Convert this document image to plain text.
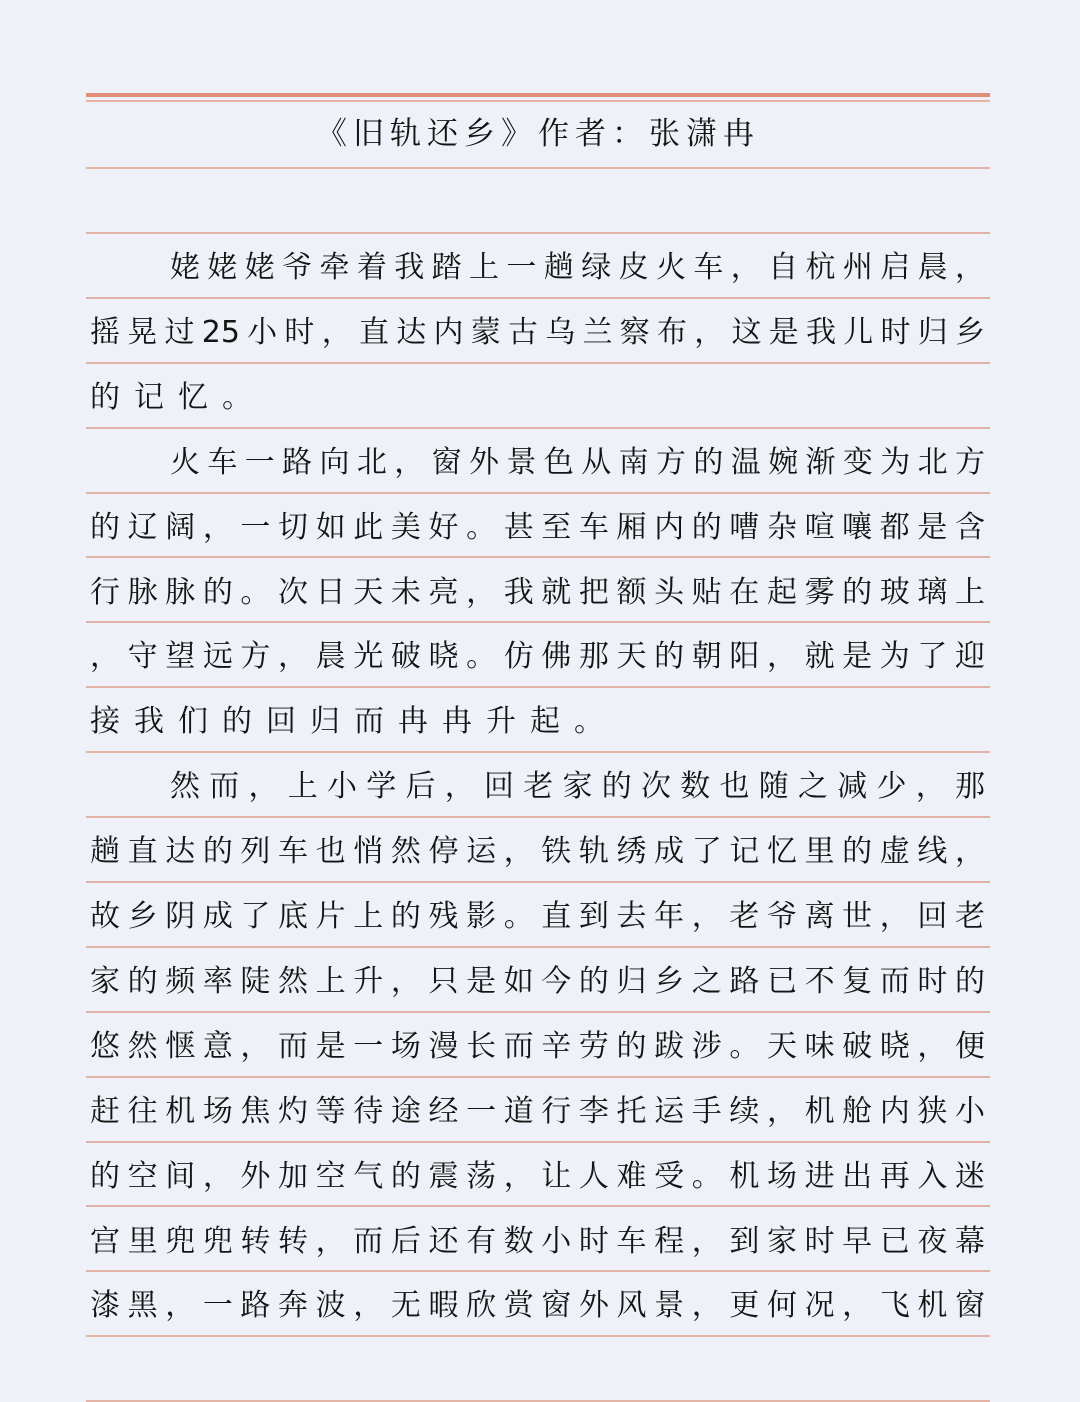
《旧轨还乡》作者：张潇冉
姥姥姥爷牵着我踏上一趟绿皮火车，自杭州启晨，
摇晃过25小时，直达内蒙古乌兰察布，这是我儿时归乡
的记忆。
火车一路向北，窗外景色从南方的温婉渐变为北方
的辽阔，一切如此美好。甚至车厢内的嘈杂喧嚷都是含
行脉脉的。次日天未亮，我就把额头贴在起雾的玻璃上
，守望远方，晨光破晓。仿佛那天的朝阳，就是为了迎
接我们的回归而冉冉升起。
然而，上小学后，回老家的次数也随之减少，那
趟直达的列车也悄然停运，铁轨绣成了记忆里的虚线，
故乡阴成了底片上的残影。直到去年，老爷离世，回老
家的频率陡然上升，只是如今的归乡之路已不复而时的
悠然惬意，而是一场漫长而辛劳的跋涉。天味破晓，便
赶往机场焦灼等待途经一道行李托运手续，机舱内狭小
的空间，外加空气的震荡，让人难受。机场进出再入迷
宫里兜兜转转，而后还有数小时车程，到家时早已夜幕
漆黑，一路奔波，无暇欣赏窗外风景，更何况，飞机窗
